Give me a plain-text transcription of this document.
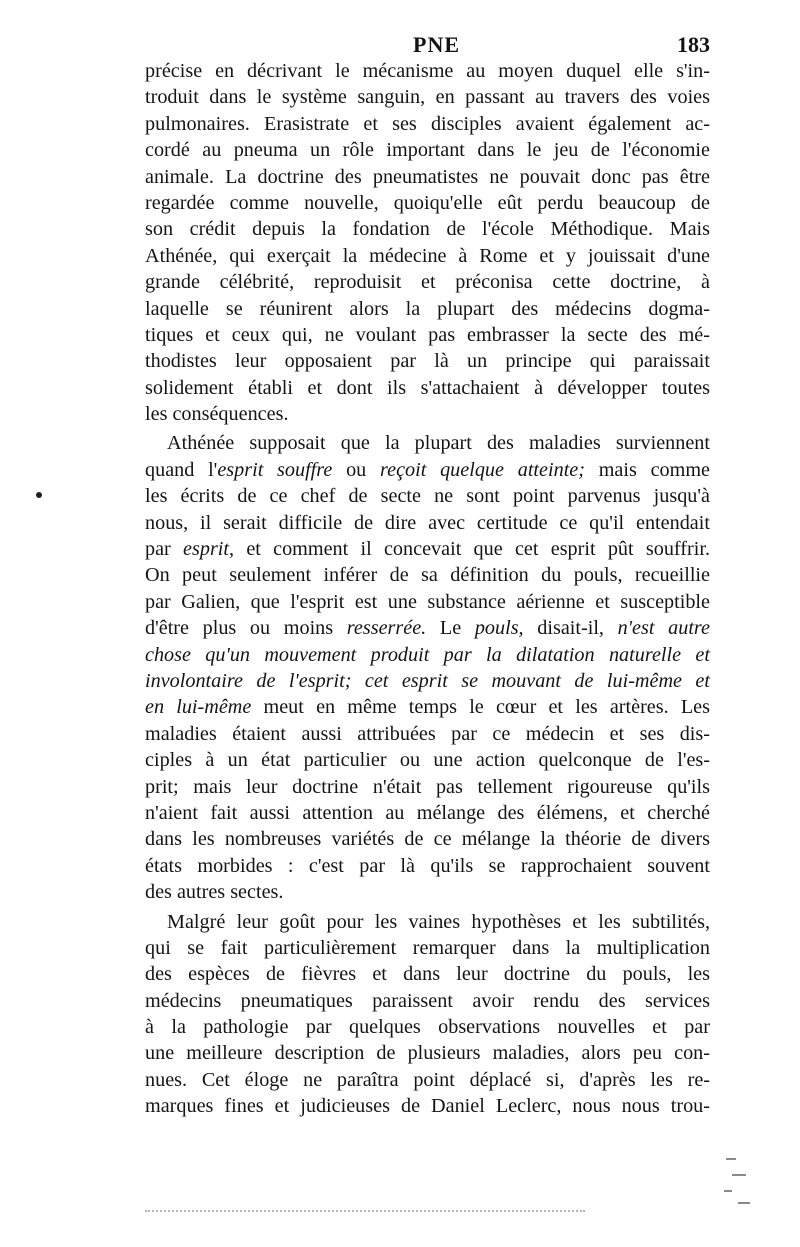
PNE	183
précise en décrivant le mécanisme au moyen duquel elle s'in-
troduit dans le système sanguin, en passant au travers des voies
pulmonaires. Erasistrate et ses disciples avaient également ac-
cordé au pneuma un rôle important dans le jeu de l'économie
animale. La doctrine des pneumatistes ne pouvait donc pas être
regardée comme nouvelle, quoiqu'elle eût perdu beaucoup de
son crédit depuis la fondation de l'école Méthodique. Mais
Athénée, qui exerçait la médecine à Rome et y jouissait d'une
grande célébrité, reproduisit et préconisa cette doctrine, à
laquelle se réunirent alors la plupart des médecins dogma-
tiques et ceux qui, ne voulant pas embrasser la secte des mé-
thodistes leur opposaient par là un principe qui paraissait
solidement établi et dont ils s'attachaient à développer toutes
les conséquences.
Athénée supposait que la plupart des maladies surviennent
quand l'esprit souffre ou reçoit quelque atteinte; mais comme
les écrits de ce chef de secte ne sont point parvenus jusqu'à
nous, il serait difficile de dire avec certitude ce qu'il entendait
par esprit, et comment il concevait que cet esprit pût souffrir.
On peut seulement inférer de sa définition du pouls, recueillie
par Galien, que l'esprit est une substance aérienne et susceptible
d'être plus ou moins resserrée. Le pouls, disait-il, n'est autre
chose qu'un mouvement produit par la dilatation naturelle et
involontaire de l'esprit; cet esprit se mouvant de lui-même et
en lui-même meut en même temps le cœur et les artères. Les
maladies étaient aussi attribuées par ce médecin et ses dis-
ciples à un état particulier ou une action quelconque de l'es-
prit; mais leur doctrine n'était pas tellement rigoureuse qu'ils
n'aient fait aussi attention au mélange des élémens, et cherché
dans les nombreuses variétés de ce mélange la théorie de divers
états morbides : c'est par là qu'ils se rapprochaient souvent
des autres sectes.
Malgré leur goût pour les vaines hypothèses et les subtilités,
qui se fait particulièrement remarquer dans la multiplication
des espèces de fièvres et dans leur doctrine du pouls, les
médecins pneumatiques paraissent avoir rendu des services
à la pathologie par quelques observations nouvelles et par
une meilleure description de plusieurs maladies, alors peu con-
nues. Cet éloge ne paraîtra point déplacé si, d'après les re-
marques fines et judicieuses de Daniel Leclerc, nous nous trou-
